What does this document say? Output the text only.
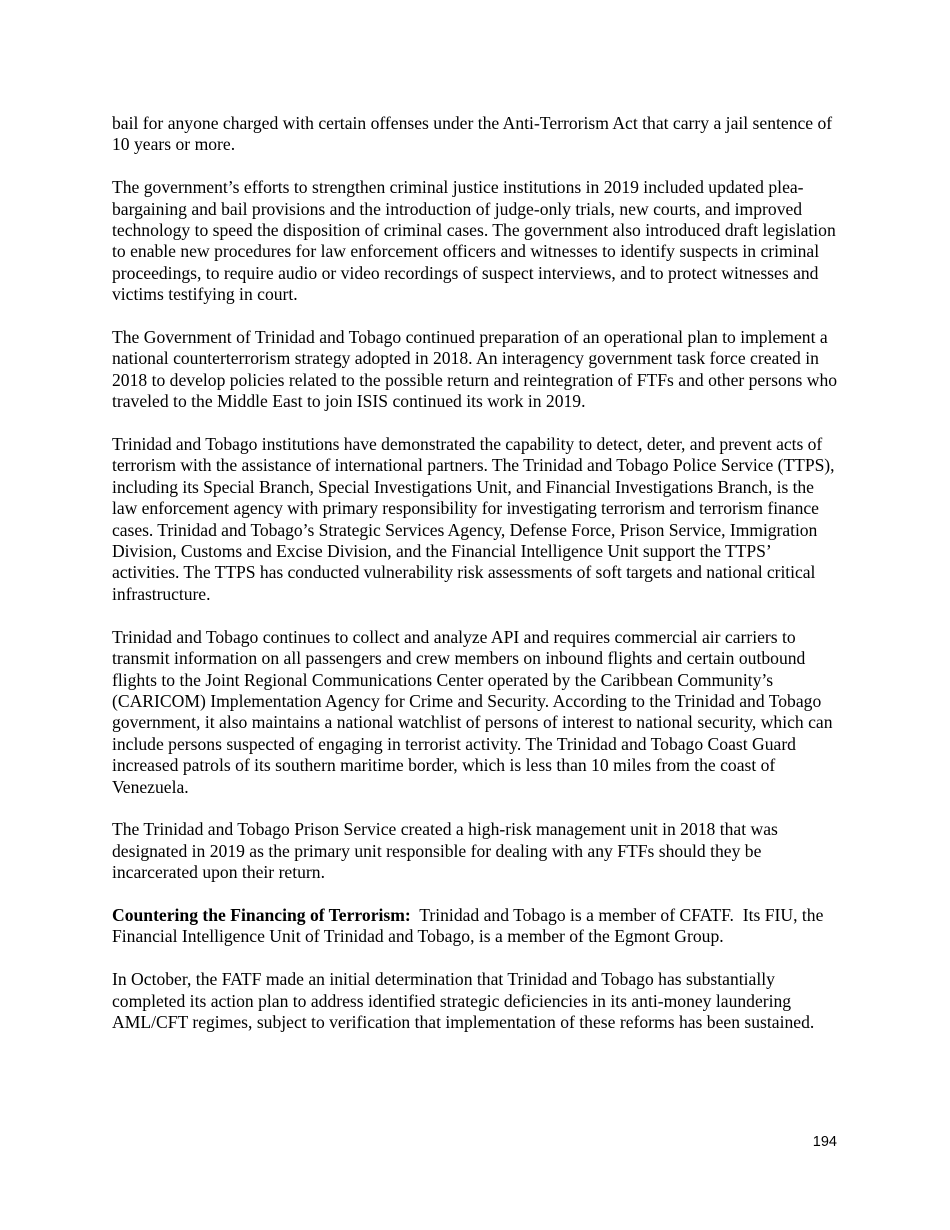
bail for anyone charged with certain offenses under the Anti-Terrorism Act that carry a jail sentence of 10 years or more.

The government’s efforts to strengthen criminal justice institutions in 2019 included updated plea-bargaining and bail provisions and the introduction of judge-only trials, new courts, and improved technology to speed the disposition of criminal cases. The government also introduced draft legislation to enable new procedures for law enforcement officers and witnesses to identify suspects in criminal proceedings, to require audio or video recordings of suspect interviews, and to protect witnesses and victims testifying in court.

The Government of Trinidad and Tobago continued preparation of an operational plan to implement a national counterterrorism strategy adopted in 2018. An interagency government task force created in 2018 to develop policies related to the possible return and reintegration of FTFs and other persons who traveled to the Middle East to join ISIS continued its work in 2019.

Trinidad and Tobago institutions have demonstrated the capability to detect, deter, and prevent acts of terrorism with the assistance of international partners. The Trinidad and Tobago Police Service (TTPS), including its Special Branch, Special Investigations Unit, and Financial Investigations Branch, is the law enforcement agency with primary responsibility for investigating terrorism and terrorism finance cases. Trinidad and Tobago’s Strategic Services Agency, Defense Force, Prison Service, Immigration Division, Customs and Excise Division, and the Financial Intelligence Unit support the TTPS’ activities. The TTPS has conducted vulnerability risk assessments of soft targets and national critical infrastructure.

Trinidad and Tobago continues to collect and analyze API and requires commercial air carriers to transmit information on all passengers and crew members on inbound flights and certain outbound flights to the Joint Regional Communications Center operated by the Caribbean Community’s (CARICOM) Implementation Agency for Crime and Security. According to the Trinidad and Tobago government, it also maintains a national watchlist of persons of interest to national security, which can include persons suspected of engaging in terrorist activity. The Trinidad and Tobago Coast Guard increased patrols of its southern maritime border, which is less than 10 miles from the coast of Venezuela.

The Trinidad and Tobago Prison Service created a high-risk management unit in 2018 that was designated in 2019 as the primary unit responsible for dealing with any FTFs should they be incarcerated upon their return.

Countering the Financing of Terrorism:  Trinidad and Tobago is a member of CFATF.  Its FIU, the Financial Intelligence Unit of Trinidad and Tobago, is a member of the Egmont Group.

In October, the FATF made an initial determination that Trinidad and Tobago has substantially completed its action plan to address identified strategic deficiencies in its anti-money laundering AML/CFT regimes, subject to verification that implementation of these reforms has been sustained.

194
